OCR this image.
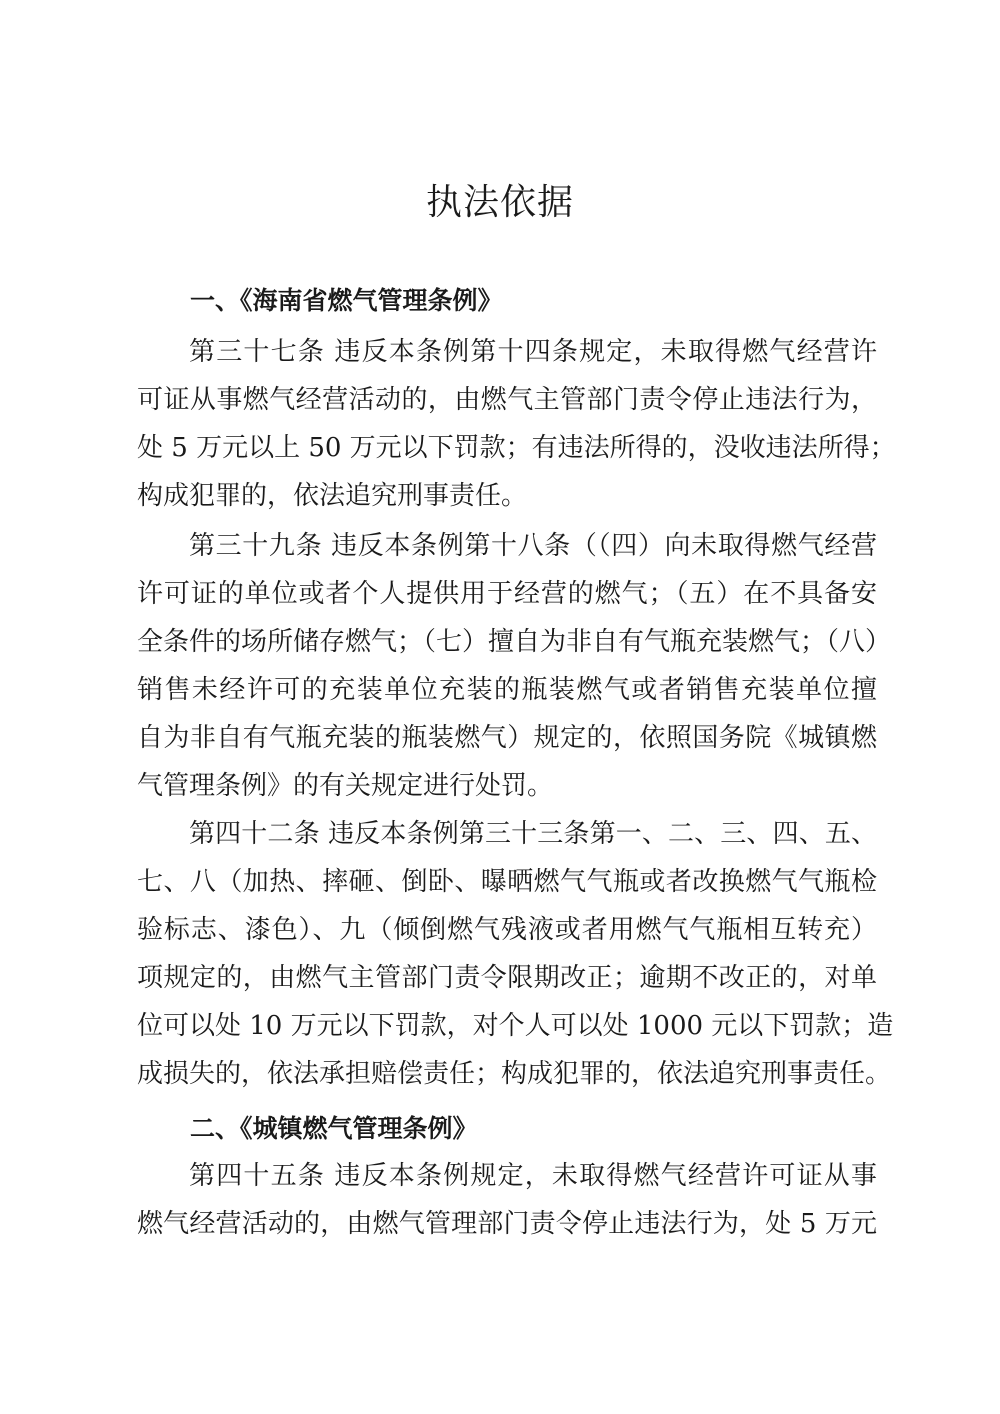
执法依据
一、《海南省燃气管理条例》
第三十七条 违反本条例第十四条规定，未取得燃气经营许
可证从事燃气经营活动的，由燃气主管部门责令停止违法行为，
处 5 万元以上 50 万元以下罚款；有违法所得的，没收违法所得；
构成犯罪的，依法追究刑事责任。
第三十九条 违反本条例第十八条（（四）向未取得燃气经营
许可证的单位或者个人提供用于经营的燃气；（五）在不具备安
全条件的场所储存燃气；（七）擅自为非自有气瓶充装燃气；（八）
销售未经许可的充装单位充装的瓶装燃气或者销售充装单位擅
自为非自有气瓶充装的瓶装燃气）规定的，依照国务院《城镇燃
气管理条例》的有关规定进行处罚。
第四十二条 违反本条例第三十三条第一、二、三、四、五、
七、八（加热、摔砸、倒卧、曝晒燃气气瓶或者改换燃气气瓶检
验标志、漆色）、九（倾倒燃气残液或者用燃气气瓶相互转充）
项规定的，由燃气主管部门责令限期改正；逾期不改正的，对单
位可以处 10 万元以下罚款，对个人可以处 1000 元以下罚款；造
成损失的，依法承担赔偿责任；构成犯罪的，依法追究刑事责任。
二、《城镇燃气管理条例》
第四十五条 违反本条例规定，未取得燃气经营许可证从事
燃气经营活动的，由燃气管理部门责令停止违法行为，处 5 万元
